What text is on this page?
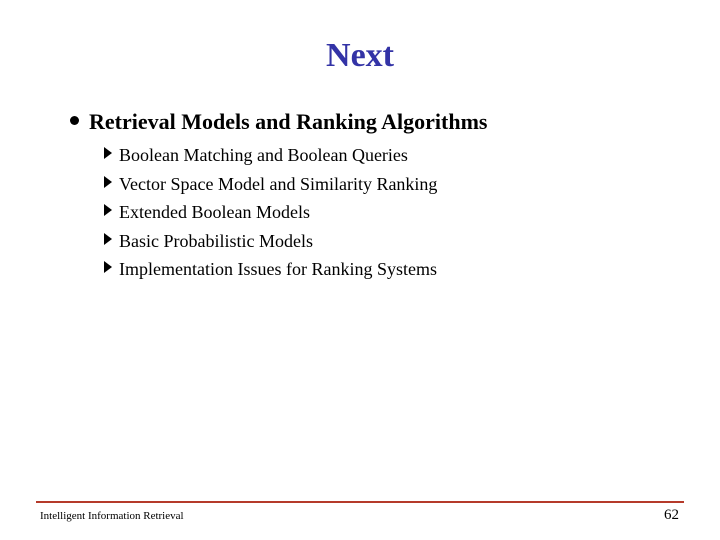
Next
Retrieval Models and Ranking Algorithms
Boolean Matching and Boolean Queries
Vector Space Model and Similarity Ranking
Extended Boolean Models
Basic Probabilistic Models
Implementation Issues for Ranking Systems
Intelligent Information Retrieval	62
